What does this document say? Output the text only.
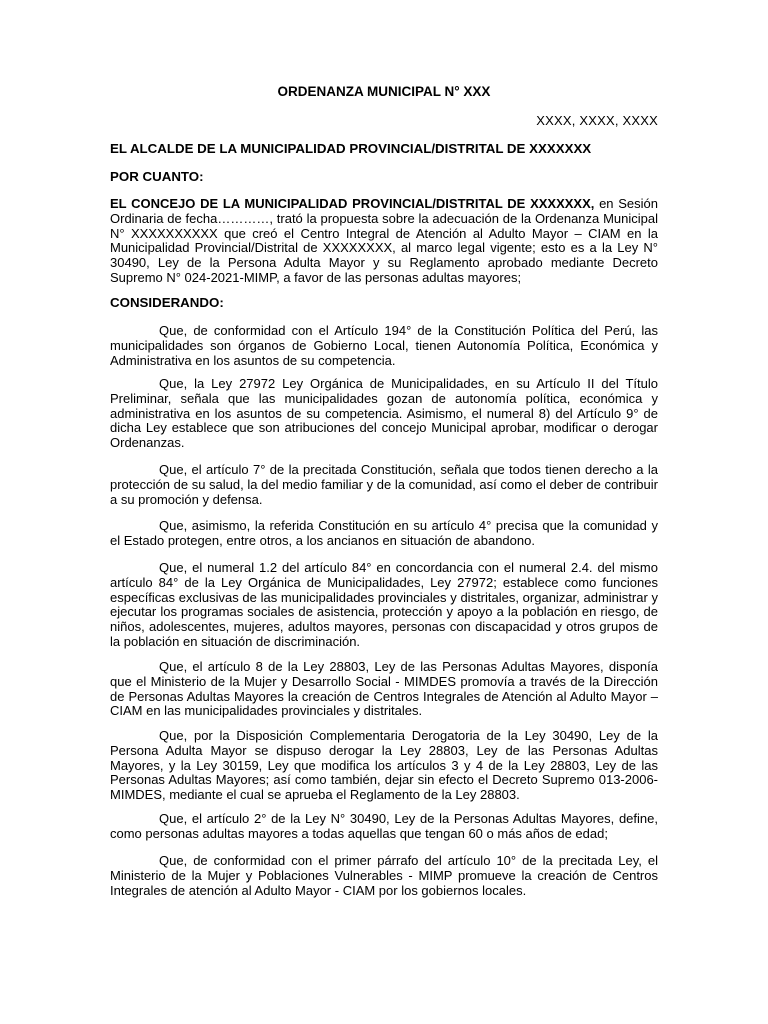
ORDENANZA MUNICIPAL N° XXX

XXXX, XXXX, XXXX

EL ALCALDE DE LA MUNICIPALIDAD PROVINCIAL/DISTRITAL DE XXXXXXX

POR CUANTO:

EL CONCEJO DE LA MUNICIPALIDAD PROVINCIAL/DISTRITAL DE XXXXXXX, en Sesión Ordinaria de fecha…………, trató la propuesta sobre la adecuación de la Ordenanza Municipal N° XXXXXXXXXX que creó el Centro Integral de Atención al Adulto Mayor – CIAM en la Municipalidad Provincial/Distrital de XXXXXXXX, al marco legal vigente; esto es a la Ley N° 30490, Ley de la Persona Adulta Mayor y su Reglamento aprobado mediante Decreto Supremo N° 024-2021-MIMP, a favor de las personas adultas mayores;

CONSIDERANDO:

Que, de conformidad con el Artículo 194° de la Constitución Política del Perú, las municipalidades son órganos de Gobierno Local, tienen Autonomía Política, Económica y Administrativa en los asuntos de su competencia.

Que, la Ley 27972 Ley Orgánica de Municipalidades, en su Artículo II del Título Preliminar, señala que las municipalidades gozan de autonomía política, económica y administrativa en los asuntos de su competencia. Asimismo, el numeral 8) del Artículo 9° de dicha Ley establece que son atribuciones del concejo Municipal aprobar, modificar o derogar Ordenanzas.

Que, el artículo 7° de la precitada Constitución, señala que todos tienen derecho a la protección de su salud, la del medio familiar y de la comunidad, así como el deber de contribuir a su promoción y defensa.

Que, asimismo, la referida Constitución en su artículo 4° precisa que la comunidad y el Estado protegen, entre otros, a los ancianos en situación de abandono.

Que, el numeral 1.2 del artículo 84° en concordancia con el numeral 2.4. del mismo artículo 84° de la Ley Orgánica de Municipalidades, Ley 27972; establece como funciones específicas exclusivas de las municipalidades provinciales y distritales, organizar, administrar y ejecutar los programas sociales de asistencia, protección y apoyo a la población en riesgo, de niños, adolescentes, mujeres, adultos mayores, personas con discapacidad y otros grupos de la población en situación de discriminación.

Que, el artículo 8 de la Ley 28803, Ley de las Personas Adultas Mayores, disponía que el Ministerio de la Mujer y Desarrollo Social - MIMDES promovía a través de la Dirección de Personas Adultas Mayores la creación de Centros Integrales de Atención al Adulto Mayor – CIAM en las municipalidades provinciales y distritales.

Que, por la Disposición Complementaria Derogatoria de la Ley 30490, Ley de la Persona Adulta Mayor se dispuso derogar la Ley 28803, Ley de las Personas Adultas Mayores, y la Ley 30159, Ley que modifica los artículos 3 y 4 de la Ley 28803, Ley de las Personas Adultas Mayores; así como también, dejar sin efecto el Decreto Supremo 013-2006-MIMDES, mediante el cual se aprueba el Reglamento de la Ley 28803.

Que, el artículo 2° de la Ley N° 30490, Ley de la Personas Adultas Mayores, define, como personas adultas mayores a todas aquellas que tengan 60 o más años de edad;

Que, de conformidad con el primer párrafo del artículo 10° de la precitada Ley, el Ministerio de la Mujer y Poblaciones Vulnerables - MIMP promueve la creación de Centros Integrales de atención al Adulto Mayor - CIAM por los gobiernos locales.
